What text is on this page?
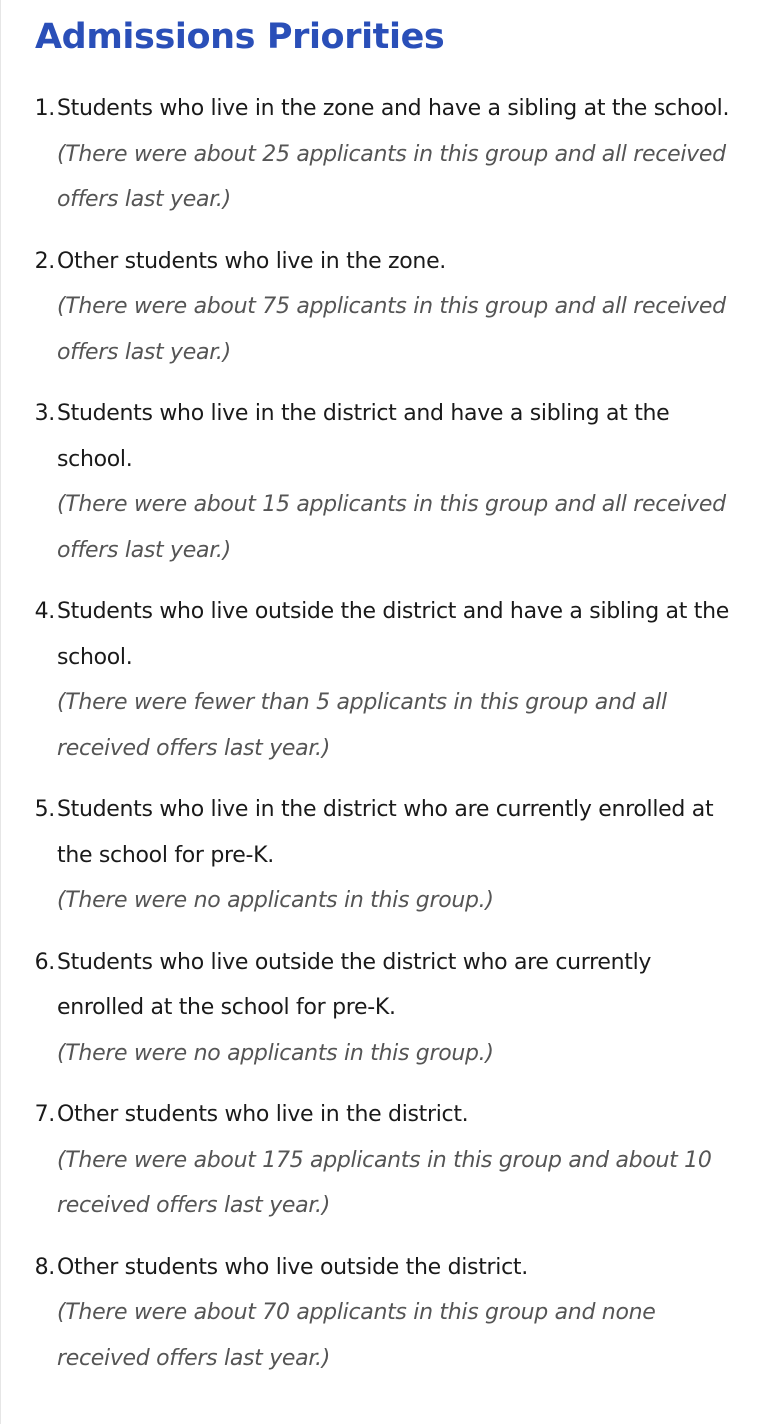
Admissions Priorities
1. Students who live in the zone and have a sibling at the school.
(There were about 25 applicants in this group and all received offers last year.)
2. Other students who live in the zone.
(There were about 75 applicants in this group and all received offers last year.)
3. Students who live in the district and have a sibling at the school.
(There were about 15 applicants in this group and all received offers last year.)
4. Students who live outside the district and have a sibling at the school.
(There were fewer than 5 applicants in this group and all received offers last year.)
5. Students who live in the district who are currently enrolled at the school for pre-K.
(There were no applicants in this group.)
6. Students who live outside the district who are currently enrolled at the school for pre-K.
(There were no applicants in this group.)
7. Other students who live in the district.
(There were about 175 applicants in this group and about 10 received offers last year.)
8. Other students who live outside the district.
(There were about 70 applicants in this group and none received offers last year.)
